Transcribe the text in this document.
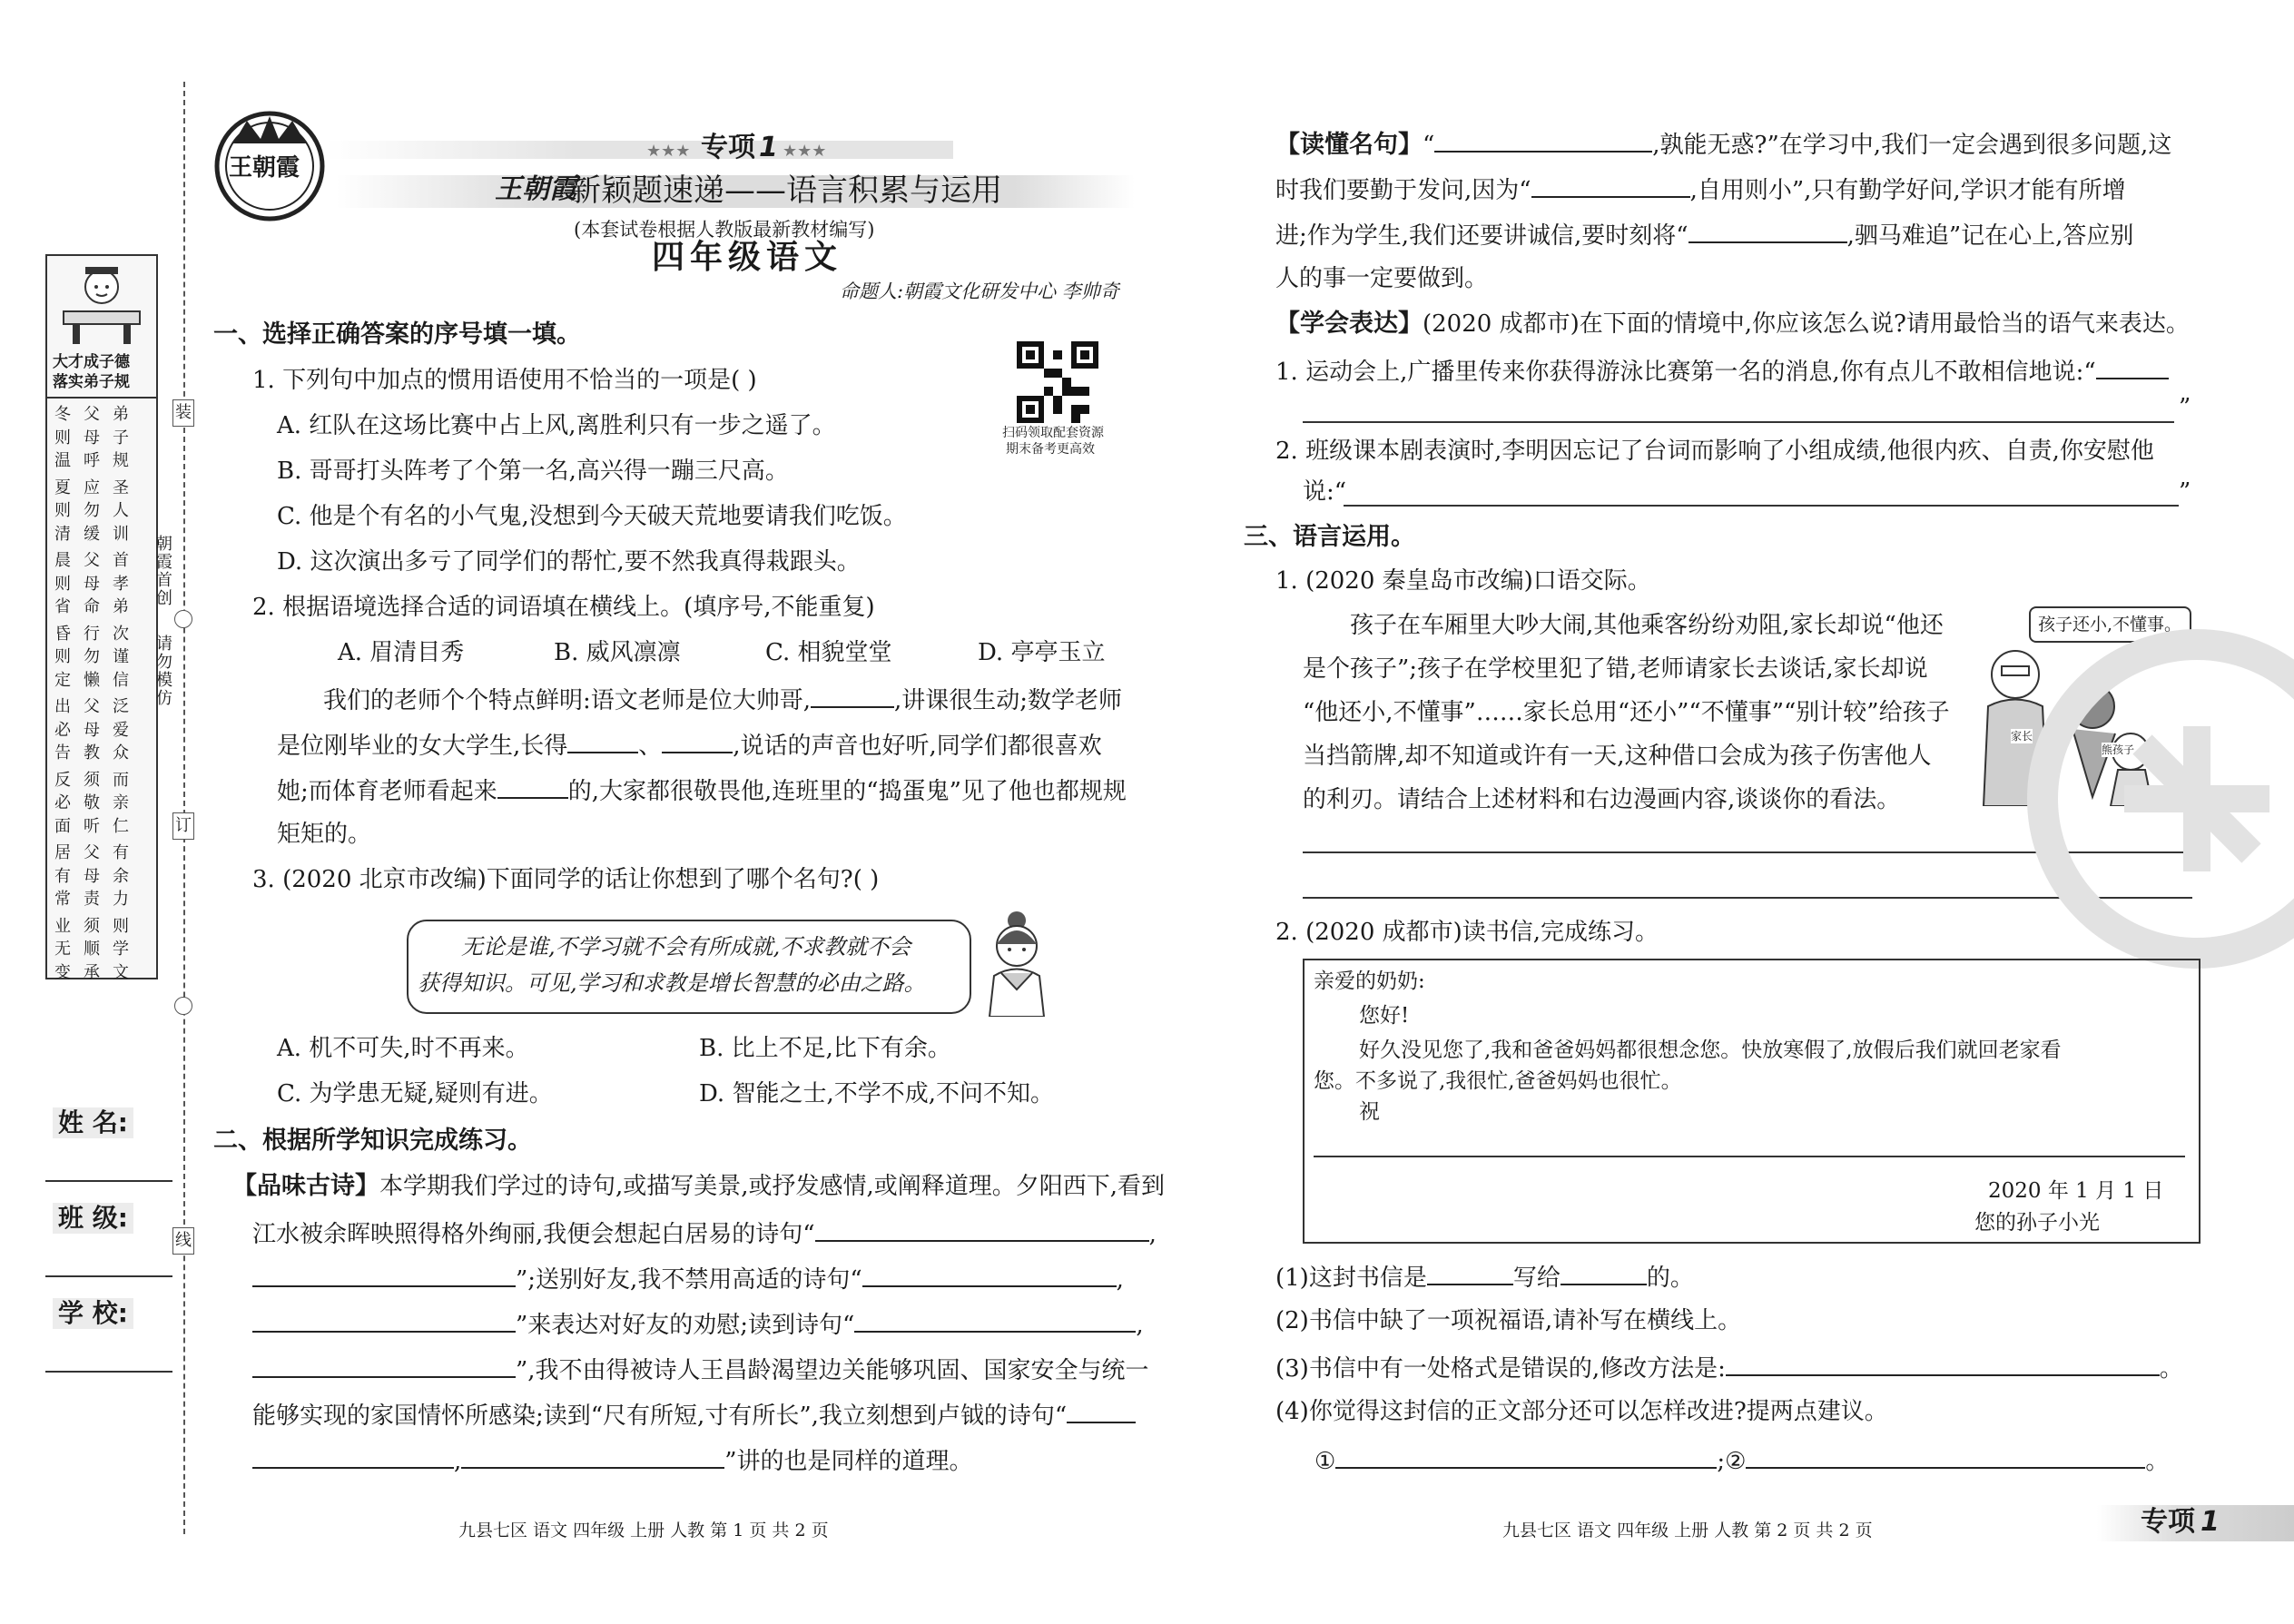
大才成子德
落实弟子规
冬父弟
则母子
温呼规
夏应圣
则勿人
清缓训
晨父首
则母孝
省命弟
昏行次
则勿谨
定懒信
出父泛
必母爱
告教众
反须而
必敬亲
面听仁
居父有
有母余
常责力
业须则
无顺学
变承文
装
朝霞首创
请勿模仿
订
线
姓 名:
班 级:
学 校:
王朝霞
★★★ 专项 1 ★★★
王朝霞
新颖题速递——语言积累与运用
(本套试卷根据人教版最新教材编写)
四年级语文
命题人:朝霞文化研发中心 李帅奇
扫码领取配套资源
期末备考更高效
一、选择正确答案的序号填一填。
1. 下列句中加点的惯用语使用不恰当的一项是( )
A. 红队在这场比赛中占上风,离胜利只有一步之遥了。
B. 哥哥打头阵考了个第一名,高兴得一蹦三尺高。
C. 他是个有名的小气鬼,没想到今天破天荒地要请我们吃饭。
D. 这次演出多亏了同学们的帮忙,要不然我真得栽跟头。
2. 根据语境选择合适的词语填在横线上。(填序号,不能重复)
A. 眉清目秀	B. 威风凛凛	C. 相貌堂堂	D. 亭亭玉立
我们的老师个个特点鲜明:语文老师是位大帅哥,	,讲课很生动;数学老师
是位刚毕业的女大学生,长得	、	,说话的声音也好听,同学们都很喜欢
她;而体育老师看起来	的,大家都很敬畏他,连班里的“捣蛋鬼”见了他也都规规
矩矩的。
3. (2020 北京市改编)下面同学的话让你想到了哪个名句?( )
无论是谁,不学习就不会有所成就,不求教就不会
获得知识。可见,学习和求教是增长智慧的必由之路。
A. 机不可失,时不再来。	B. 比上不足,比下有余。
C. 为学患无疑,疑则有进。	D. 智能之士,不学不成,不问不知。
二、根据所学知识完成练习。
【品味古诗】本学期我们学过的诗句,或描写美景,或抒发感情,或阐释道理。夕阳西下,看到
江水被余晖映照得格外绚丽,我便会想起白居易的诗句“	,
”;送别好友,我不禁用高适的诗句“	,
”来表达对好友的劝慰;读到诗句“	,
”,我不由得被诗人王昌龄渴望边关能够巩固、国家安全与统一
能够实现的家国情怀所感染;读到“尺有所短,寸有所长”,我立刻想到卢钺的诗句“
,	”讲的也是同样的道理。
九县七区 语文 四年级 上册 人教 第 1 页 共 2 页
【读懂名句】“	,孰能无惑?”在学习中,我们一定会遇到很多问题,这
时我们要勤于发问,因为“	,自用则小”,只有勤学好问,学识才能有所增
进;作为学生,我们还要讲诚信,要时刻将“	,驷马难追”记在心上,答应别
人的事一定要做到。
【学会表达】(2020 成都市)在下面的情境中,你应该怎么说?请用最恰当的语气来表达。
1. 运动会上,广播里传来你获得游泳比赛第一名的消息,你有点儿不敢相信地说:“
”
2. 班级课本剧表演时,李明因忘记了台词而影响了小组成绩,他很内疚、自责,你安慰他
说:“	”
三、语言运用。
1. (2020 秦皇岛市改编)口语交际。
孩子在车厢里大吵大闹,其他乘客纷纷劝阻,家长却说“他还
是个孩子”;孩子在学校里犯了错,老师请家长去谈话,家长却说
“他还小,不懂事”……家长总用“还小”“不懂事”“别计较”给孩子
当挡箭牌,却不知道或许有一天,这种借口会成为孩子伤害他人
的利刃。请结合上述材料和右边漫画内容,谈谈你的看法。
孩子还小,不懂事。
家长
熊孩子
2. (2020 成都市)读书信,完成练习。
亲爱的奶奶:
您好!
好久没见您了,我和爸爸妈妈都很想念您。快放寒假了,放假后我们就回老家看
您。不多说了,我很忙,爸爸妈妈也很忙。
祝
2020 年 1 月 1 日
您的孙子小光
(1)这封书信是	写给	的。
(2)书信中缺了一项祝福语,请补写在横线上。
(3)书信中有一处格式是错误的,修改方法是:	。
(4)你觉得这封信的正文部分还可以怎样改进?提两点建议。
①	;②	。
九县七区 语文 四年级 上册 人教 第 2 页 共 2 页	专项 1
